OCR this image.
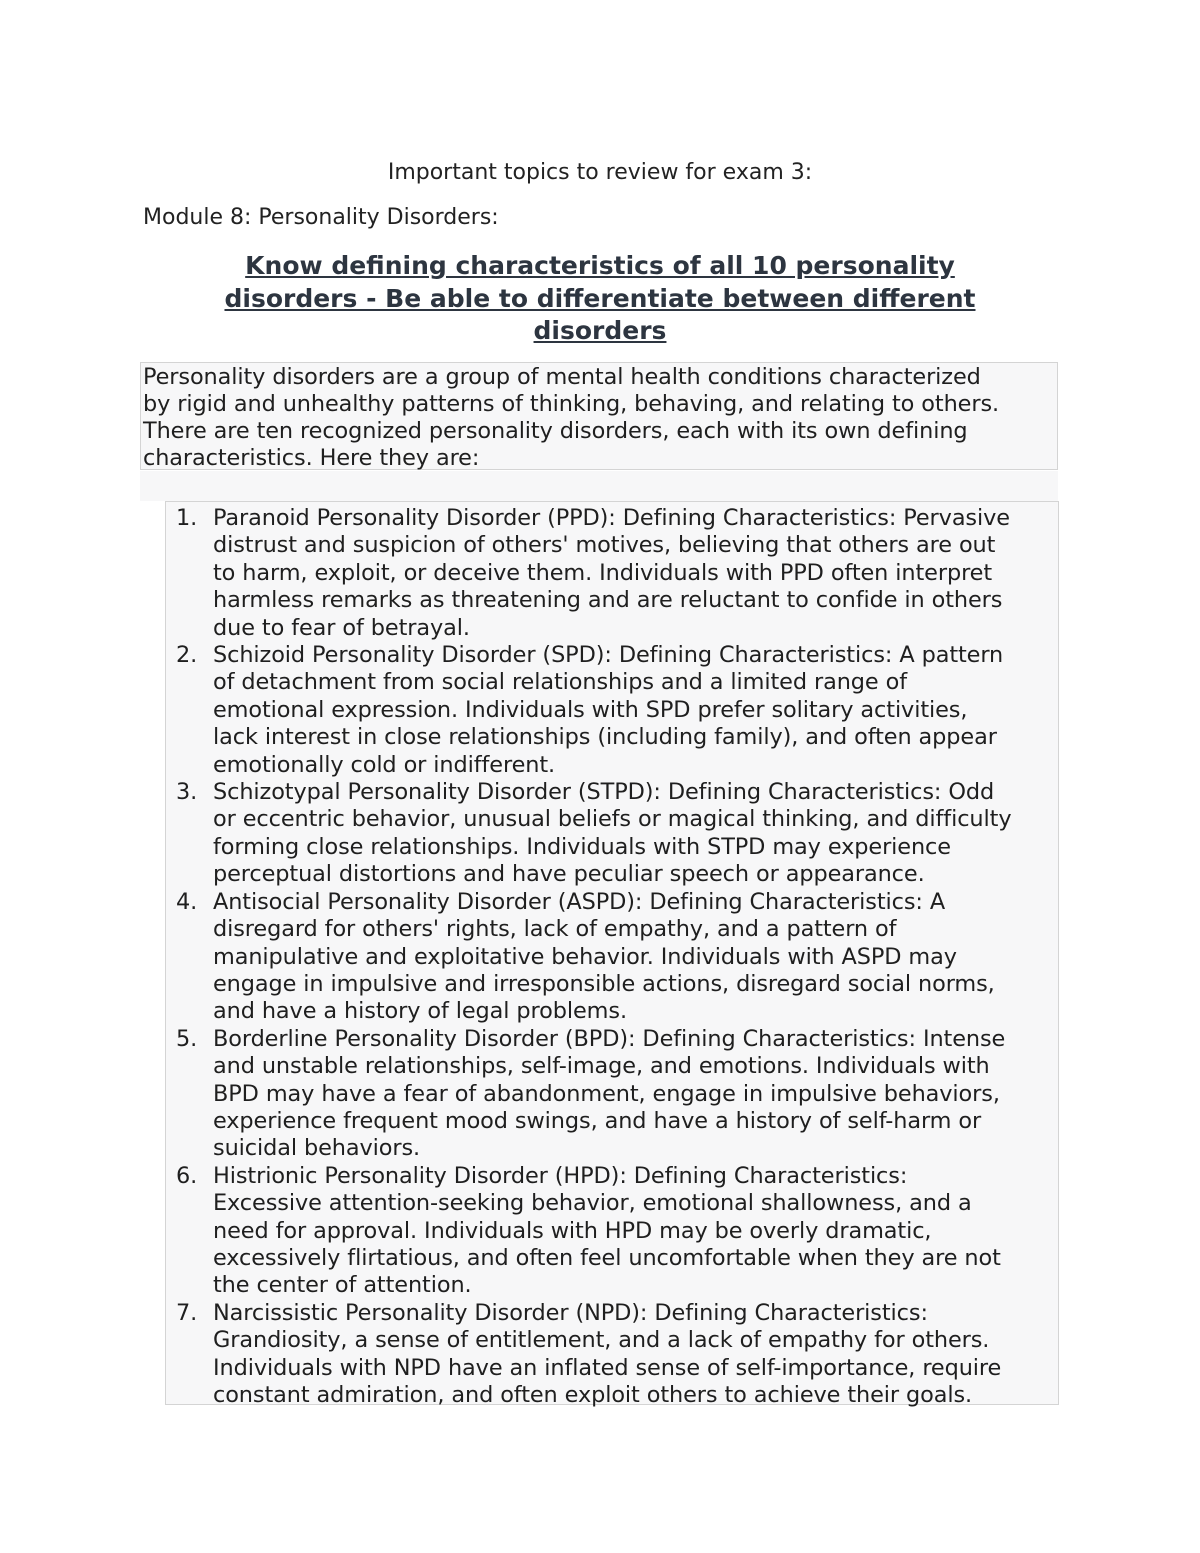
Important topics to review for exam 3:
Module 8: Personality Disorders:
Know defining characteristics of all 10 personality
disorders - Be able to differentiate between different
disorders
Personality disorders are a group of mental health conditions characterized
by rigid and unhealthy patterns of thinking, behaving, and relating to others.
There are ten recognized personality disorders, each with its own defining
characteristics. Here they are:
1. Paranoid Personality Disorder (PPD): Defining Characteristics: Pervasive
distrust and suspicion of others' motives, believing that others are out
to harm, exploit, or deceive them. Individuals with PPD often interpret
harmless remarks as threatening and are reluctant to confide in others
due to fear of betrayal.
2. Schizoid Personality Disorder (SPD): Defining Characteristics: A pattern
of detachment from social relationships and a limited range of
emotional expression. Individuals with SPD prefer solitary activities,
lack interest in close relationships (including family), and often appear
emotionally cold or indifferent.
3. Schizotypal Personality Disorder (STPD): Defining Characteristics: Odd
or eccentric behavior, unusual beliefs or magical thinking, and difficulty
forming close relationships. Individuals with STPD may experience
perceptual distortions and have peculiar speech or appearance.
4. Antisocial Personality Disorder (ASPD): Defining Characteristics: A
disregard for others' rights, lack of empathy, and a pattern of
manipulative and exploitative behavior. Individuals with ASPD may
engage in impulsive and irresponsible actions, disregard social norms,
and have a history of legal problems.
5. Borderline Personality Disorder (BPD): Defining Characteristics: Intense
and unstable relationships, self-image, and emotions. Individuals with
BPD may have a fear of abandonment, engage in impulsive behaviors,
experience frequent mood swings, and have a history of self-harm or
suicidal behaviors.
6. Histrionic Personality Disorder (HPD): Defining Characteristics:
Excessive attention-seeking behavior, emotional shallowness, and a
need for approval. Individuals with HPD may be overly dramatic,
excessively flirtatious, and often feel uncomfortable when they are not
the center of attention.
7. Narcissistic Personality Disorder (NPD): Defining Characteristics:
Grandiosity, a sense of entitlement, and a lack of empathy for others.
Individuals with NPD have an inflated sense of self-importance, require
constant admiration, and often exploit others to achieve their goals.
